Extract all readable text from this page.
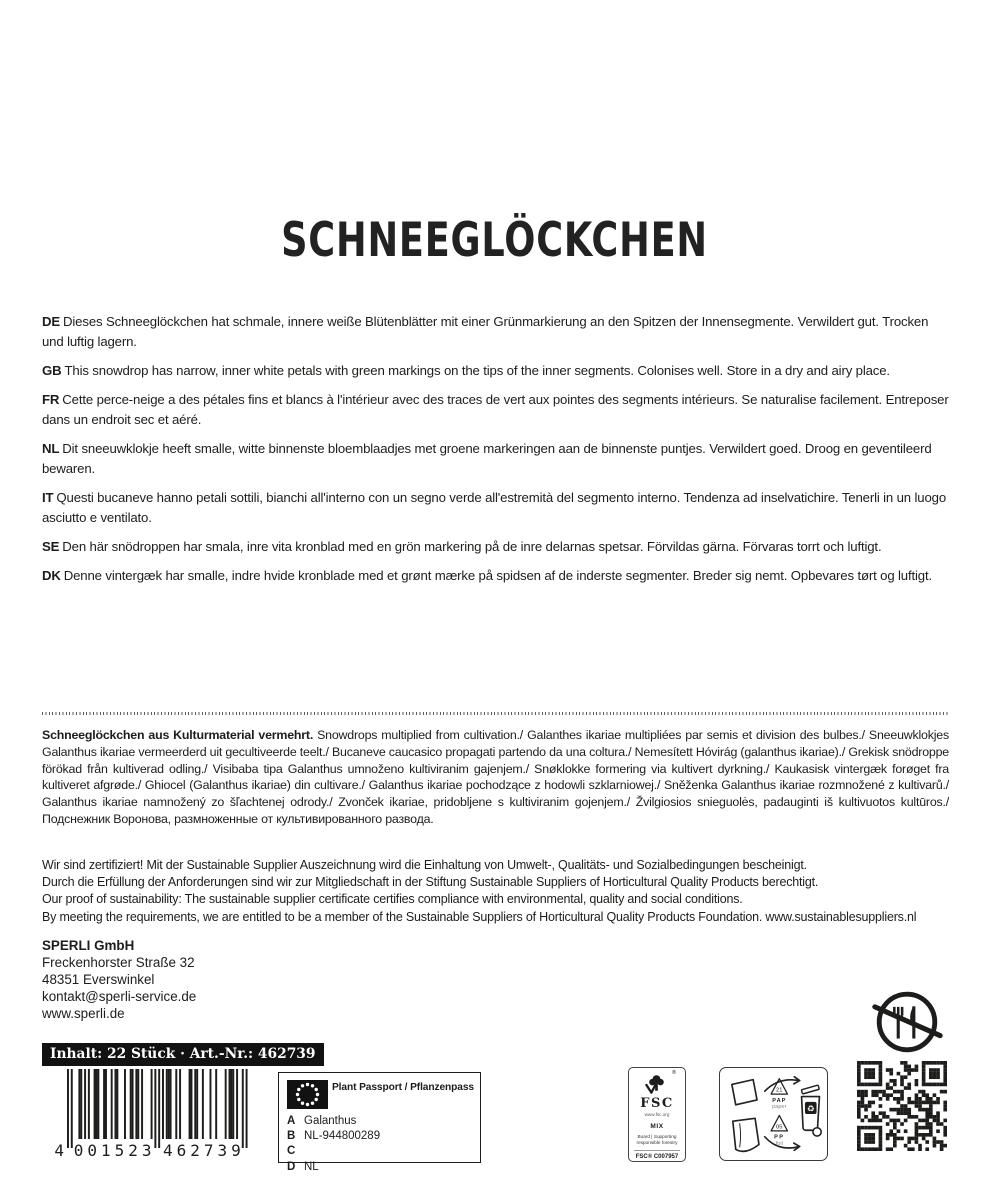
SCHNEEGLÖCKCHEN

DE Dieses Schneeglöckchen hat schmale, innere weiße Blütenblätter mit einer Grünmarkierung an den Spitzen der Innensegmente. Verwildert gut. Trocken und luftig lagern.

GB This snowdrop has narrow, inner white petals with green markings on the tips of the inner segments. Colonises well. Store in a dry and airy place.

FR Cette perce-neige a des pétales fins et blancs à l'intérieur avec des traces de vert aux pointes des segments intérieurs. Se naturalise facilement. Entreposer dans un endroit sec et aéré.

NL Dit sneeuwklokje heeft smalle, witte binnenste bloemblaadjes met groene markeringen aan de binnenste puntjes. Verwildert goed. Droog en geventileerd bewaren.

IT Questi bucaneve hanno petali sottili, bianchi all'interno con un segno verde all'estremità del segmento interno. Tendenza ad inselvatichire. Tenerli in un luogo asciutto e ventilato.

SE Den här snödroppen har smala, inre vita kronblad med en grön markering på de inre delarnas spetsar. Förvildas gärna. Förvaras torrt och luftigt.

DK Denne vintergæk har smalle, indre hvide kronblade med et grønt mærke på spidsen af de inderste segmenter. Breder sig nemt. Opbevares tørt og luftigt.

Schneeglöckchen aus Kulturmaterial vermehrt. Snowdrops multiplied from cultivation./ Galanthes ikariae multipliées par semis et division des bulbes./ Sneeuwklokjes Galanthus ikariae vermeerderd uit gecultiveerde teelt./ Bucaneve caucasico propagati partendo da una coltura./ Nemesített Hóvirág (galanthus ikariae)./ Grekisk snödroppe förökad från kultiverad odling./ Visibaba tipa Galanthus umnoženo kultiviranim gajenjem./ Snøklokke formering via kultivert dyrkning./ Kaukasisk vintergæk forøget fra kultiveret afgrøde./ Ghiocel (Galanthus ikariae) din cultivare./ Galanthus ikariae pochodzące z hodowli szklarniowej./ Sněženka Galanthus ikariae rozmnožené z kultivarů./ Galanthus ikariae namnožený zo šľachtenej odrody./ Zvonček ikariae, pridobljene s kultiviranim gojenjem./ Žvilgiosios snieguolės, padauginti iš kultivuotos kultūros./ Подснежник Воронова, размноженные от культивированного развода.

Wir sind zertifiziert! Mit der Sustainable Supplier Auszeichnung wird die Einhaltung von Umwelt-, Qualitäts- und Sozialbedingungen bescheinigt.
Durch die Erfüllung der Anforderungen sind wir zur Mitgliedschaft in der Stiftung Sustainable Suppliers of Horticultural Quality Products berechtigt.
Our proof of sustainability: The sustainable supplier certificate certifies compliance with environmental, quality and social conditions.
By meeting the requirements, we are entitled to be a member of the Sustainable Suppliers of Horticultural Quality Products Foundation. www.sustainablesuppliers.nl
SPERLI GmbH
Freckenhorster Straße 32
48351 Everswinkel
kontakt@sperli-service.de
www.sperli.de
Inhalt: 22 Stück · Art.-Nr.: 462739
4 001523 462739
Plant Passport / Pflanzenpass
A Galanthus
B NL-944800289
C
D NL
®
FSC
www.fsc.org
MIX
Board | Supporting
responsible forestry
FSC® C007957
21
PAP
paper
05
PP
foil
♻
